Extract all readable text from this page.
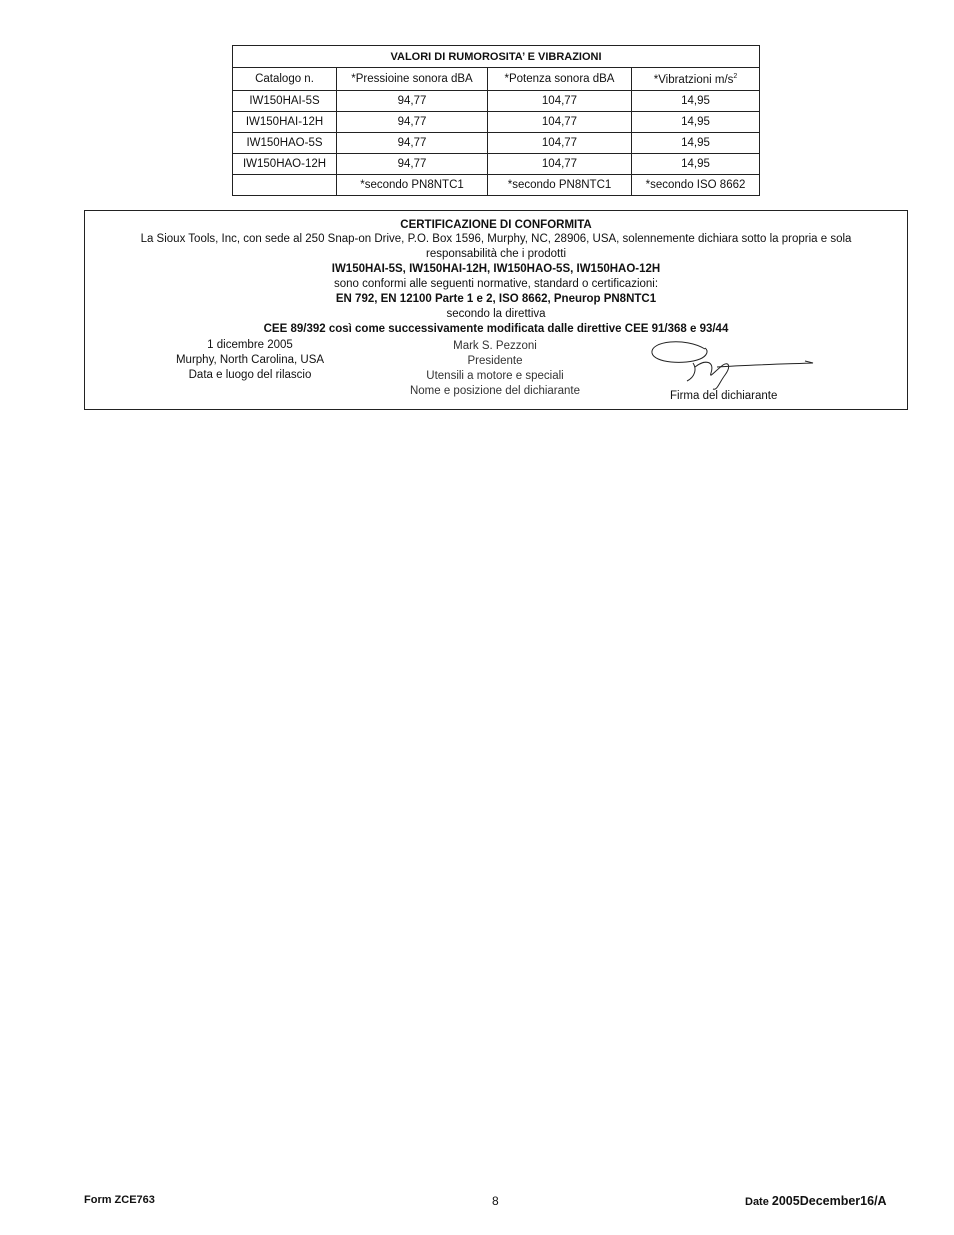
VALORI DI RUMOROSITA’ E VIBRAZIONI			
Catalogo n.	*Pressioine sonora dBA	*Potenza sonora dBA	*Vibratzioni $m/s^2$
IW150HAI-5S	94,77	104,77	14,95
IW150HAI-12H	94,77	104,77	14,95
IW150HAO-5S	94,77	104,77	14,95
IW150HAO-12H	94,77	104,77	14,95
	*secondo PN8NTC1	*secondo PN8NTC1	*secondo ISO 8662
CERTIFICAZIONE DI CONFORMITA
La Sioux Tools, Inc, con sede al 250 Snap-on Drive, P.O. Box 1596, Murphy, NC, 28906, USA, solennemente dichiara sotto la propria e sola
responsabilità che i prodotti
IW150HAI-5S, IW150HAI-12H, IW150HAO-5S, IW150HAO-12H
sono conformi alle seguenti normative, standard o certificazioni:
EN 792, EN 12100 Parte 1 e 2, ISO 8662, Pneurop PN8NTC1
secondo la direttiva
CEE 89/392 così come successivamente modificata dalle direttive CEE 91/368 e 93/44
1 dicembre 2005
Murphy, North Carolina, USA
Data e luogo del rilascio
Mark S. Pezzoni
Presidente
Utensili a motore e speciali
Nome e posizione del dichiarante	Firma del dichiarante
Form ZCE763	8	Date 2005December16/A
